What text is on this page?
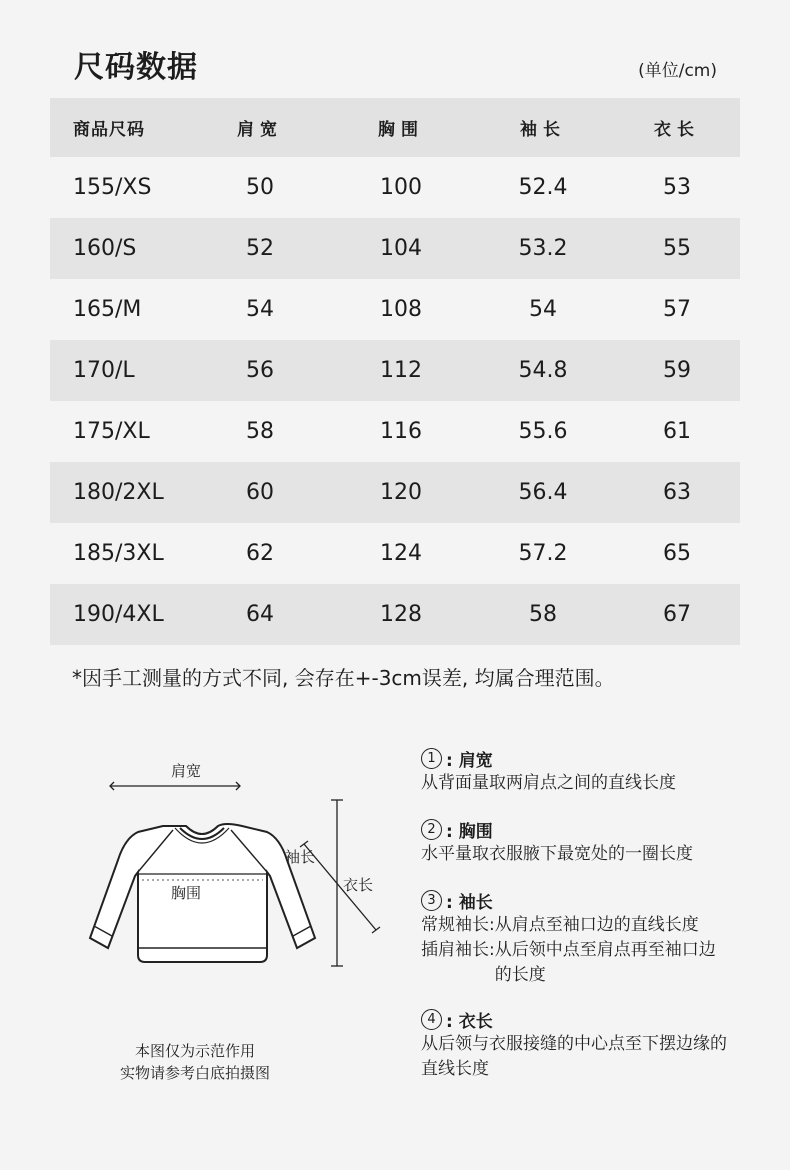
尺码数据	(单位/cm)
商品尺码	肩宽	胸围	袖长	衣长
155/XS	50	100	52.4	53
160/S	52	104	53.2	55
165/M	54	108	54	57
170/L	56	112	54.8	59
175/XL	58	116	55.6	61
180/2XL	60	120	56.4	63
185/3XL	62	124	57.2	65
190/4XL	64	128	58	67
*因手工测量的方式不同, 会存在+-3cm误差, 均属合理范围。
肩宽
袖长
胸围	衣长
本图仅为示范作用
实物请参考白底拍摄图
1 : 肩宽
从背面量取两肩点之间的直线长度
2 : 胸围
水平量取衣服腋下最宽处的一圈长度
3 : 袖长
常规袖长: 从肩点至袖口边的直线长度
插肩袖长: 从后领中点至肩点再至袖口边的长度
4 : 衣长
从后领与衣服接缝的中心点至下摆边缘的直线长度
